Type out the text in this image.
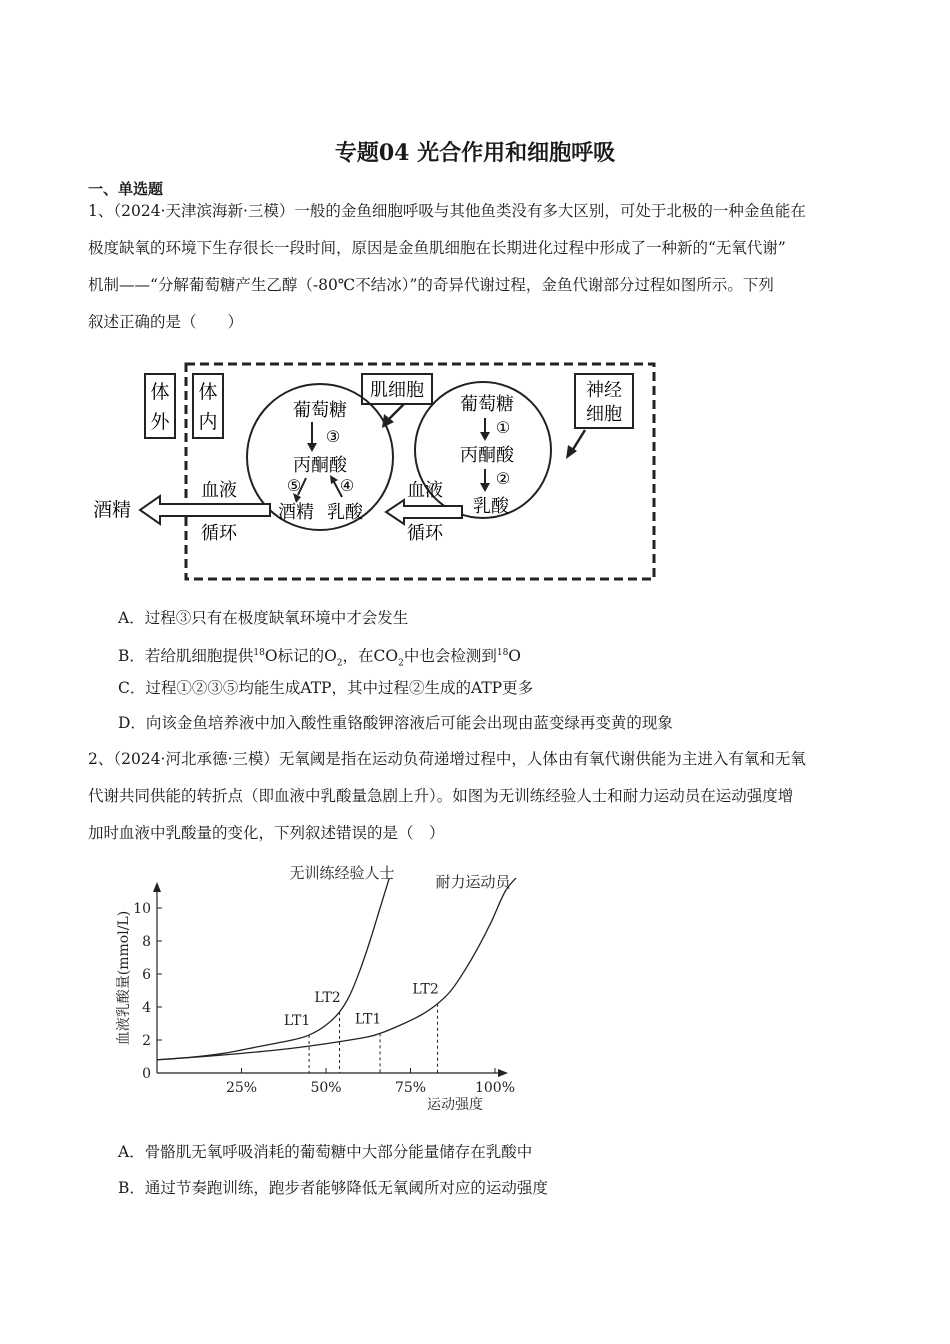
专题04 光合作用和细胞呼吸
一、单选题
1、（2024·天津滨海新·三模）一般的金鱼细胞呼吸与其他鱼类没有多大区别，可处于北极的一种金鱼能在
极度缺氧的环境下生存很长一段时间，原因是金鱼肌细胞在长期进化过程中形成了一种新的“无氧代谢”
机制——“分解葡萄糖产生乙醇（-80℃不结冰）”的奇异代谢过程，金鱼代谢部分过程如图所示。下列
叙述正确的是（　　）
体
外
体
内
肌细胞
葡萄糖
③
丙酮酸
⑤ ④
酒精 乳酸
神经
细胞
葡萄糖
①
丙酮酸
②
乳酸
血液
循环
血液
循环
酒精
A．过程③只有在极度缺氧环境中才会发生
B．若给肌细胞提供$^{18}$O标记的$O_2$，在$CO_2$中也会检测到$^{18}$O
C．过程①②③⑤均能生成ATP，其中过程②生成的ATP更多
D．向该金鱼培养液中加入酸性重铬酸钾溶液后可能会出现由蓝变绿再变黄的现象
2、（2024·河北承德·三模）无氧阈是指在运动负荷递增过程中，人体由有氧代谢供能为主进入有氧和无氧
代谢共同供能的转折点（即血液中乳酸量急剧上升）。如图为无训练经验人士和耐力运动员在运动强度增
加时血液中乳酸量的变化，下列叙述错误的是（　）
0
2
4
6
8
10
25%	50%	75%	100%
运动强度
血液乳酸量(mmol/L)
无训练经验人士	耐力运动员
LT1
LT2
LT1
LT2
A．骨骼肌无氧呼吸消耗的葡萄糖中大部分能量储存在乳酸中
B．通过节奏跑训练，跑步者能够降低无氧阈所对应的运动强度
